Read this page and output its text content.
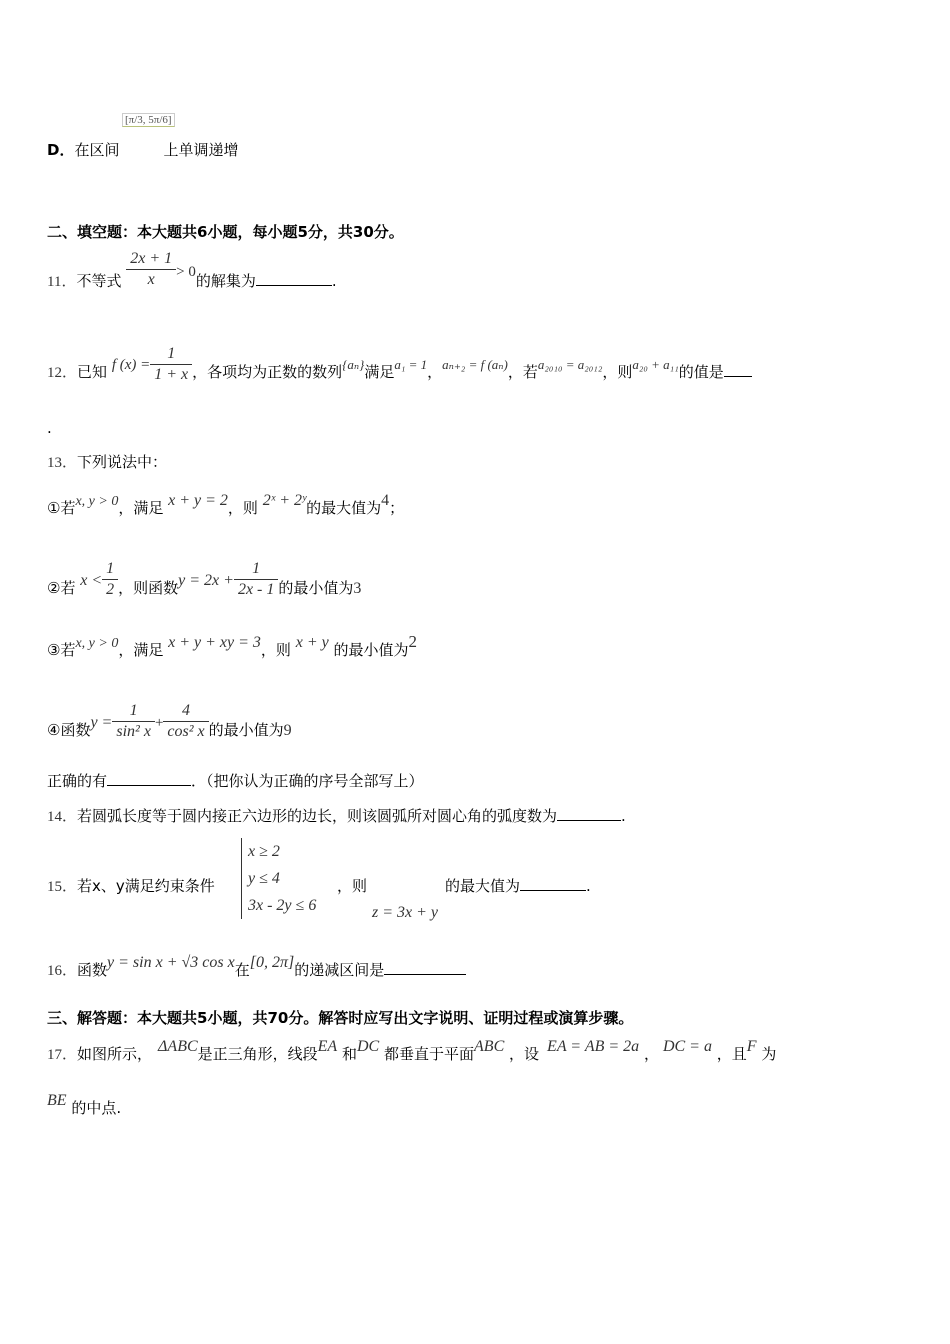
[π/3, 5π/6]
D．在区间	上单调递增
二、填空题：本大题共6小题，每小题5分，共30分。
11．不等式 $\frac{2x + 1}{x} > 0$的解集为	.
12．已知 f $(x) = \frac{1}{1 + x}$ ，各项均为正数的数列{aₙ}满足a₁ = 1，aₙ₊₂ = f (aₙ)，若a₂₀₁₀ = a₂₀₁₂，则a₂₀ + a₁₁的值是
.
13．下列说法中：
①若x, y > 0，满足 x + y = 2，则 2ˣ + 2ʸ的最大值为4；
②若 $x < \frac{1}{2}$ ，则函数$y = 2x + \frac{1}{2x - 1}$ 的最小值为3
③若x, y > 0，满足 x + y + xy = 3，则 x + y 的最小值为2
④函数$y = \frac{1}{\text{sin² x}} + \frac{4}{\text{cos² x}}$ 的最小值为9
正确的有	．（把你认为正确的序号全部写上）
14．若圆弧长度等于圆内接正六边形的边长，则该圆弧所对圆心角的弧度数为	.
15．若x、y满足约束条件
x ≥ 2
y ≤ 4
3x - 2y ≤ 6
，则	的最大值为	.
z = 3x + y
16．函数y = sin x + √3 cos x在[0, 2π]的递减区间是
三、解答题：本大题共5小题，共70分。解答时应写出文字说明、证明过程或演算步骤。
17．如图所示， ΔABC是正三角形，线段EA 和DC 都垂直于平面ABC ，设 EA = AB = 2a ， DC = a ，且F 为
BE 的中点.
